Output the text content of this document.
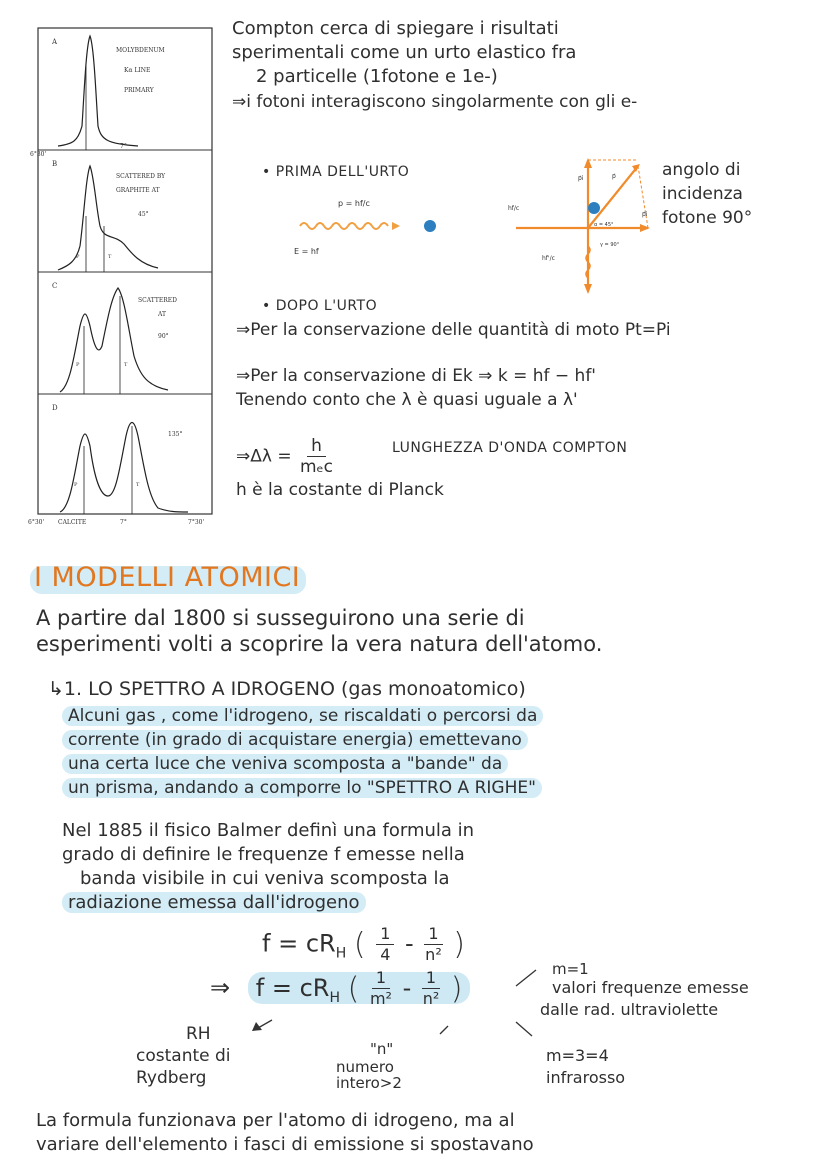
A
MOLYBDENUM
Kα LINE
PRIMARY
7°
B
SCATTERED BY
GRAPHITE AT
45°
P	T
6°30'
C
SCATTERED
AT
90°
P	T
D
135°
P	T
6°30' CALCITE	7°	7°30'
Compton cerca di spiegare i risultati
sperimentali come un urto elastico fra
2 particelle (1fotone e 1e-)
⇒i fotoni interagiscono singolarmente con gli e-
• PRIMA DELL'URTO
p = hf/c
E = hf
hf/c
hf'/c
p⃗i	p⃗
p⃗i
α = 45°
γ = 90°
angolo di
incidenza
fotone 90°
• DOPO L'URTO
⇒Per la conservazione delle quantità di moto Pt=Pi
⇒Per la conservazione di Ek ⇒ k = hf − hf'
Tenendo conto che λ è quasi uguale a λ'
⇒Δλ = $\frac{h}{\text{mₑc}}$	LUNGHEZZA D'ONDA COMPTON
h è la costante di Planck
I MODELLI ATOMICI
A partire dal 1800 si susseguirono una serie di
esperimenti volti a scoprire la vera natura dell'atomo.
↳1. LO SPETTRO A IDROGENO (gas monoatomico)
Alcuni gas , come l'idrogeno, se riscaldati o percorsi da
corrente (in grado di acquistare energia) emettevano
una certa luce che veniva scomposta a "bande" da
un prisma, andando a comporre lo "SPETTRO A RIGHE"
Nel 1885 il fisico Balmer definì una formula in
grado di definire le frequenze f emesse nella
banda visibile in cui veniva scomposta la
radiazione emessa dall'idrogeno
$f = cR_H$ ( $\frac{1}{4} - \frac{1}{\text{n²}}$ )
⇒ $f = cR_H$ ( $\frac{1}{\text{m²}} - \frac{1}{\text{n²}}$ )
m=1
valori frequenze emesse
dalle rad. ultraviolette
RH
costante di
Rydberg
"n"
numero
intero>2
m=3=4
infrarosso
La formula funzionava per l'atomo di idrogeno, ma al
variare dell'elemento i fasci di emissione si spostavano
